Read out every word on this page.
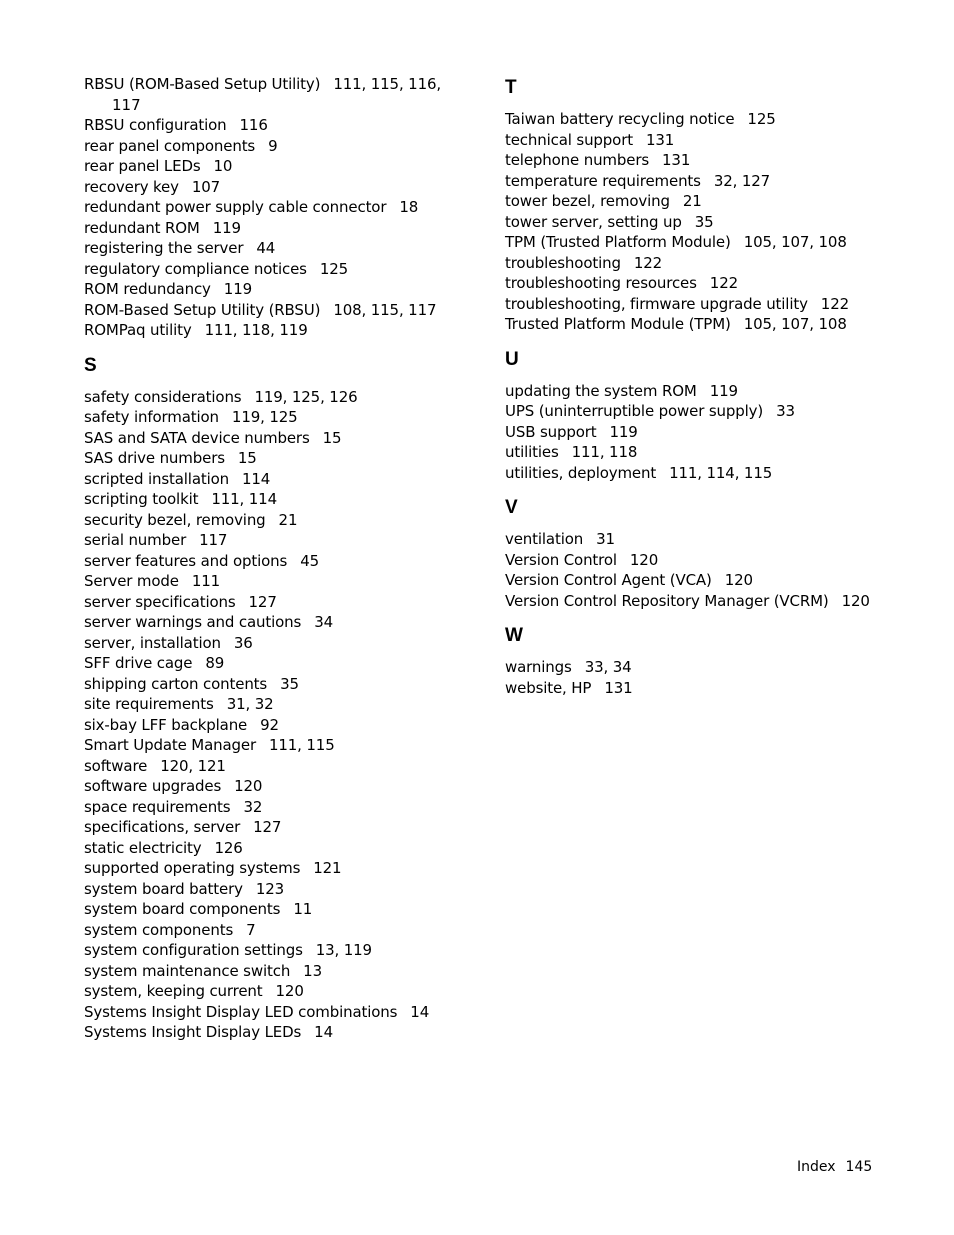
RBSU (ROM-Based Setup Utility) 111, 115, 116,
117
RBSU configuration 116
rear panel components 9
rear panel LEDs 10
recovery key 107
redundant power supply cable connector 18
redundant ROM 119
registering the server 44
regulatory compliance notices 125
ROM redundancy 119
ROM-Based Setup Utility (RBSU) 108, 115, 117
ROMPaq utility 111, 118, 119
S
safety considerations 119, 125, 126
safety information 119, 125
SAS and SATA device numbers 15
SAS drive numbers 15
scripted installation 114
scripting toolkit 111, 114
security bezel, removing 21
serial number 117
server features and options 45
Server mode 111
server specifications 127
server warnings and cautions 34
server, installation 36
SFF drive cage 89
shipping carton contents 35
site requirements 31, 32
six-bay LFF backplane 92
Smart Update Manager 111, 115
software 120, 121
software upgrades 120
space requirements 32
specifications, server 127
static electricity 126
supported operating systems 121
system board battery 123
system board components 11
system components 7
system configuration settings 13, 119
system maintenance switch 13
system, keeping current 120
Systems Insight Display LED combinations 14
Systems Insight Display LEDs 14
T
Taiwan battery recycling notice 125
technical support 131
telephone numbers 131
temperature requirements 32, 127
tower bezel, removing 21
tower server, setting up 35
TPM (Trusted Platform Module) 105, 107, 108
troubleshooting 122
troubleshooting resources 122
troubleshooting, firmware upgrade utility 122
Trusted Platform Module (TPM) 105, 107, 108
U
updating the system ROM 119
UPS (uninterruptible power supply) 33
USB support 119
utilities 111, 118
utilities, deployment 111, 114, 115
V
ventilation 31
Version Control 120
Version Control Agent (VCA) 120
Version Control Repository Manager (VCRM) 120
W
warnings 33, 34
website, HP 131
Index 145
